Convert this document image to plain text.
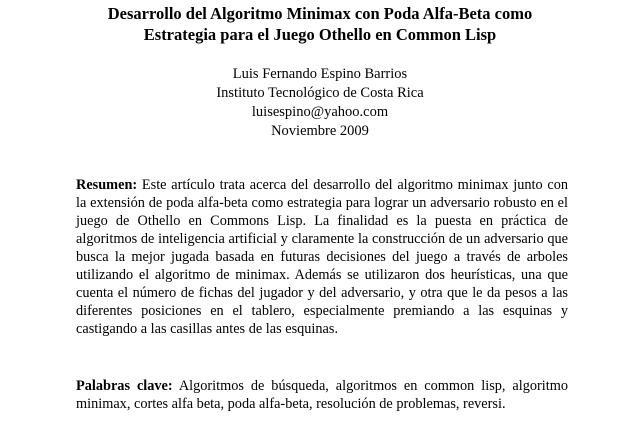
Desarrollo del Algoritmo Minimax con Poda Alfa-Beta como
Estrategia para el Juego Othello en Common Lisp
Luis Fernando Espino Barrios
Instituto Tecnológico de Costa Rica
luisespino@yahoo.com
Noviembre 2009

Resumen: Este artículo trata acerca del desarrollo del algoritmo minimax junto con la extensión de poda alfa-beta como estrategia para lograr un adversario robusto en el juego de Othello en Commons Lisp. La finalidad es la puesta en práctica de algoritmos de inteligencia artificial y claramente la construcción de un adversario que busca la mejor jugada basada en futuras decisiones del juego a través de arboles utilizando el algoritmo de minimax. Además se utilizaron dos heurísticas, una que cuenta el número de fichas del jugador y del adversario, y otra que le da pesos a las diferentes posiciones en el tablero, especialmente premiando a las esquinas y castigando a las casillas antes de las esquinas.

Palabras clave: Algoritmos de búsqueda, algoritmos en common lisp, algoritmo minimax, cortes alfa beta, poda alfa-beta, resolución de problemas, reversi.
